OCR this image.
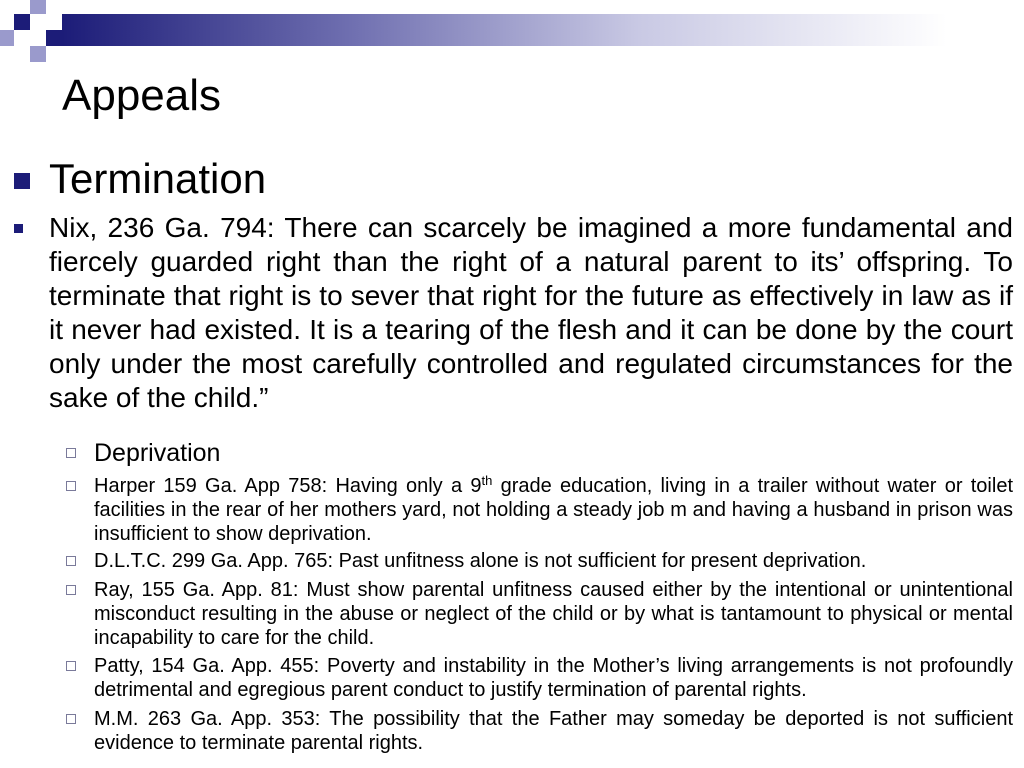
Appeals

Termination

Nix, 236 Ga. 794: There can scarcely be imagined a more fundamental and fiercely guarded right than the right of a natural parent to its’ offspring. To terminate that right is to sever that right for the future as effectively in law as if it never had existed. It is a tearing of the flesh and it can be done by the court only under the most carefully controlled and regulated circumstances for the sake of the child.”

Deprivation

Harper 159 Ga. App 758: Having only a 9th grade education, living in a trailer without water or toilet facilities in the rear of her mothers yard, not holding a steady job m and having a husband in prison was insufficient to show deprivation.

D.L.T.C. 299 Ga. App. 765: Past unfitness alone is not sufficient for present deprivation.

Ray, 155 Ga. App. 81: Must show parental unfitness caused either by the intentional or unintentional misconduct resulting in the abuse or neglect of the child or by what is tantamount to physical or mental incapability to care for the child.

Patty, 154 Ga. App. 455: Poverty and instability in the Mother’s living arrangements is not profoundly detrimental and egregious parent conduct to justify termination of parental rights.

M.M. 263 Ga. App. 353: The possibility that the Father may someday be deported is not sufficient evidence to terminate parental rights.
